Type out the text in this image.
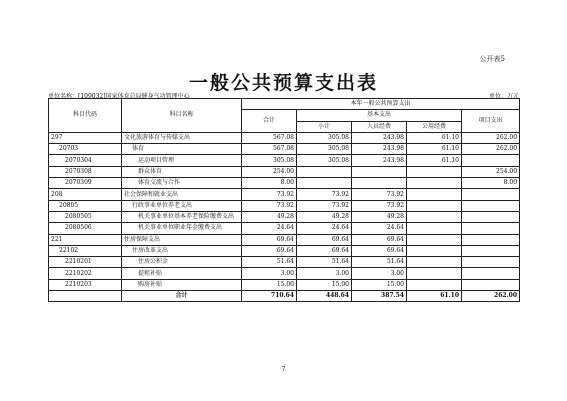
公开表5
一般公共预算支出表
单位名称：[109032]国家体育总局健身气功管理中心	单位：万元
科目代码	科目名称	本年一般公共预算支出				
		合计	基本支出			项目支出
			小计	人员经费	公用经费	
297	文化旅游体育与传媒支出	567.08	305.08	243.98	61.10	262.00
20703	体育	567.08	305.08	243.98	61.10	262.00
2070304	运动项目管理	305.08	305.08	243.98	61.10	
2070308	群众体育	254.00				254.00
2070309	体育交流与合作	8.00				8.00
208	社会保障和就业支出	73.92	73.92	73.92		
20805	行政事业单位养老支出	73.92	73.92	73.92		
2080505	机关事业单位基本养老保险缴费支出	49.28	49.28	49.28		
2080506	机关事业单位职业年金缴费支出	24.64	24.64	24.64		
221	住房保障支出	69.64	69.64	69.64		
22102	住房改革支出	69.64	69.64	69.64		
2210201	住房公积金	51.64	51.64	51.64		
2210202	提租补贴	3.00	3.00	3.00		
2210203	购房补贴	15.00	15.00	15.00		
	合计	710.64	448.64	387.54	61.10	262.00
7
